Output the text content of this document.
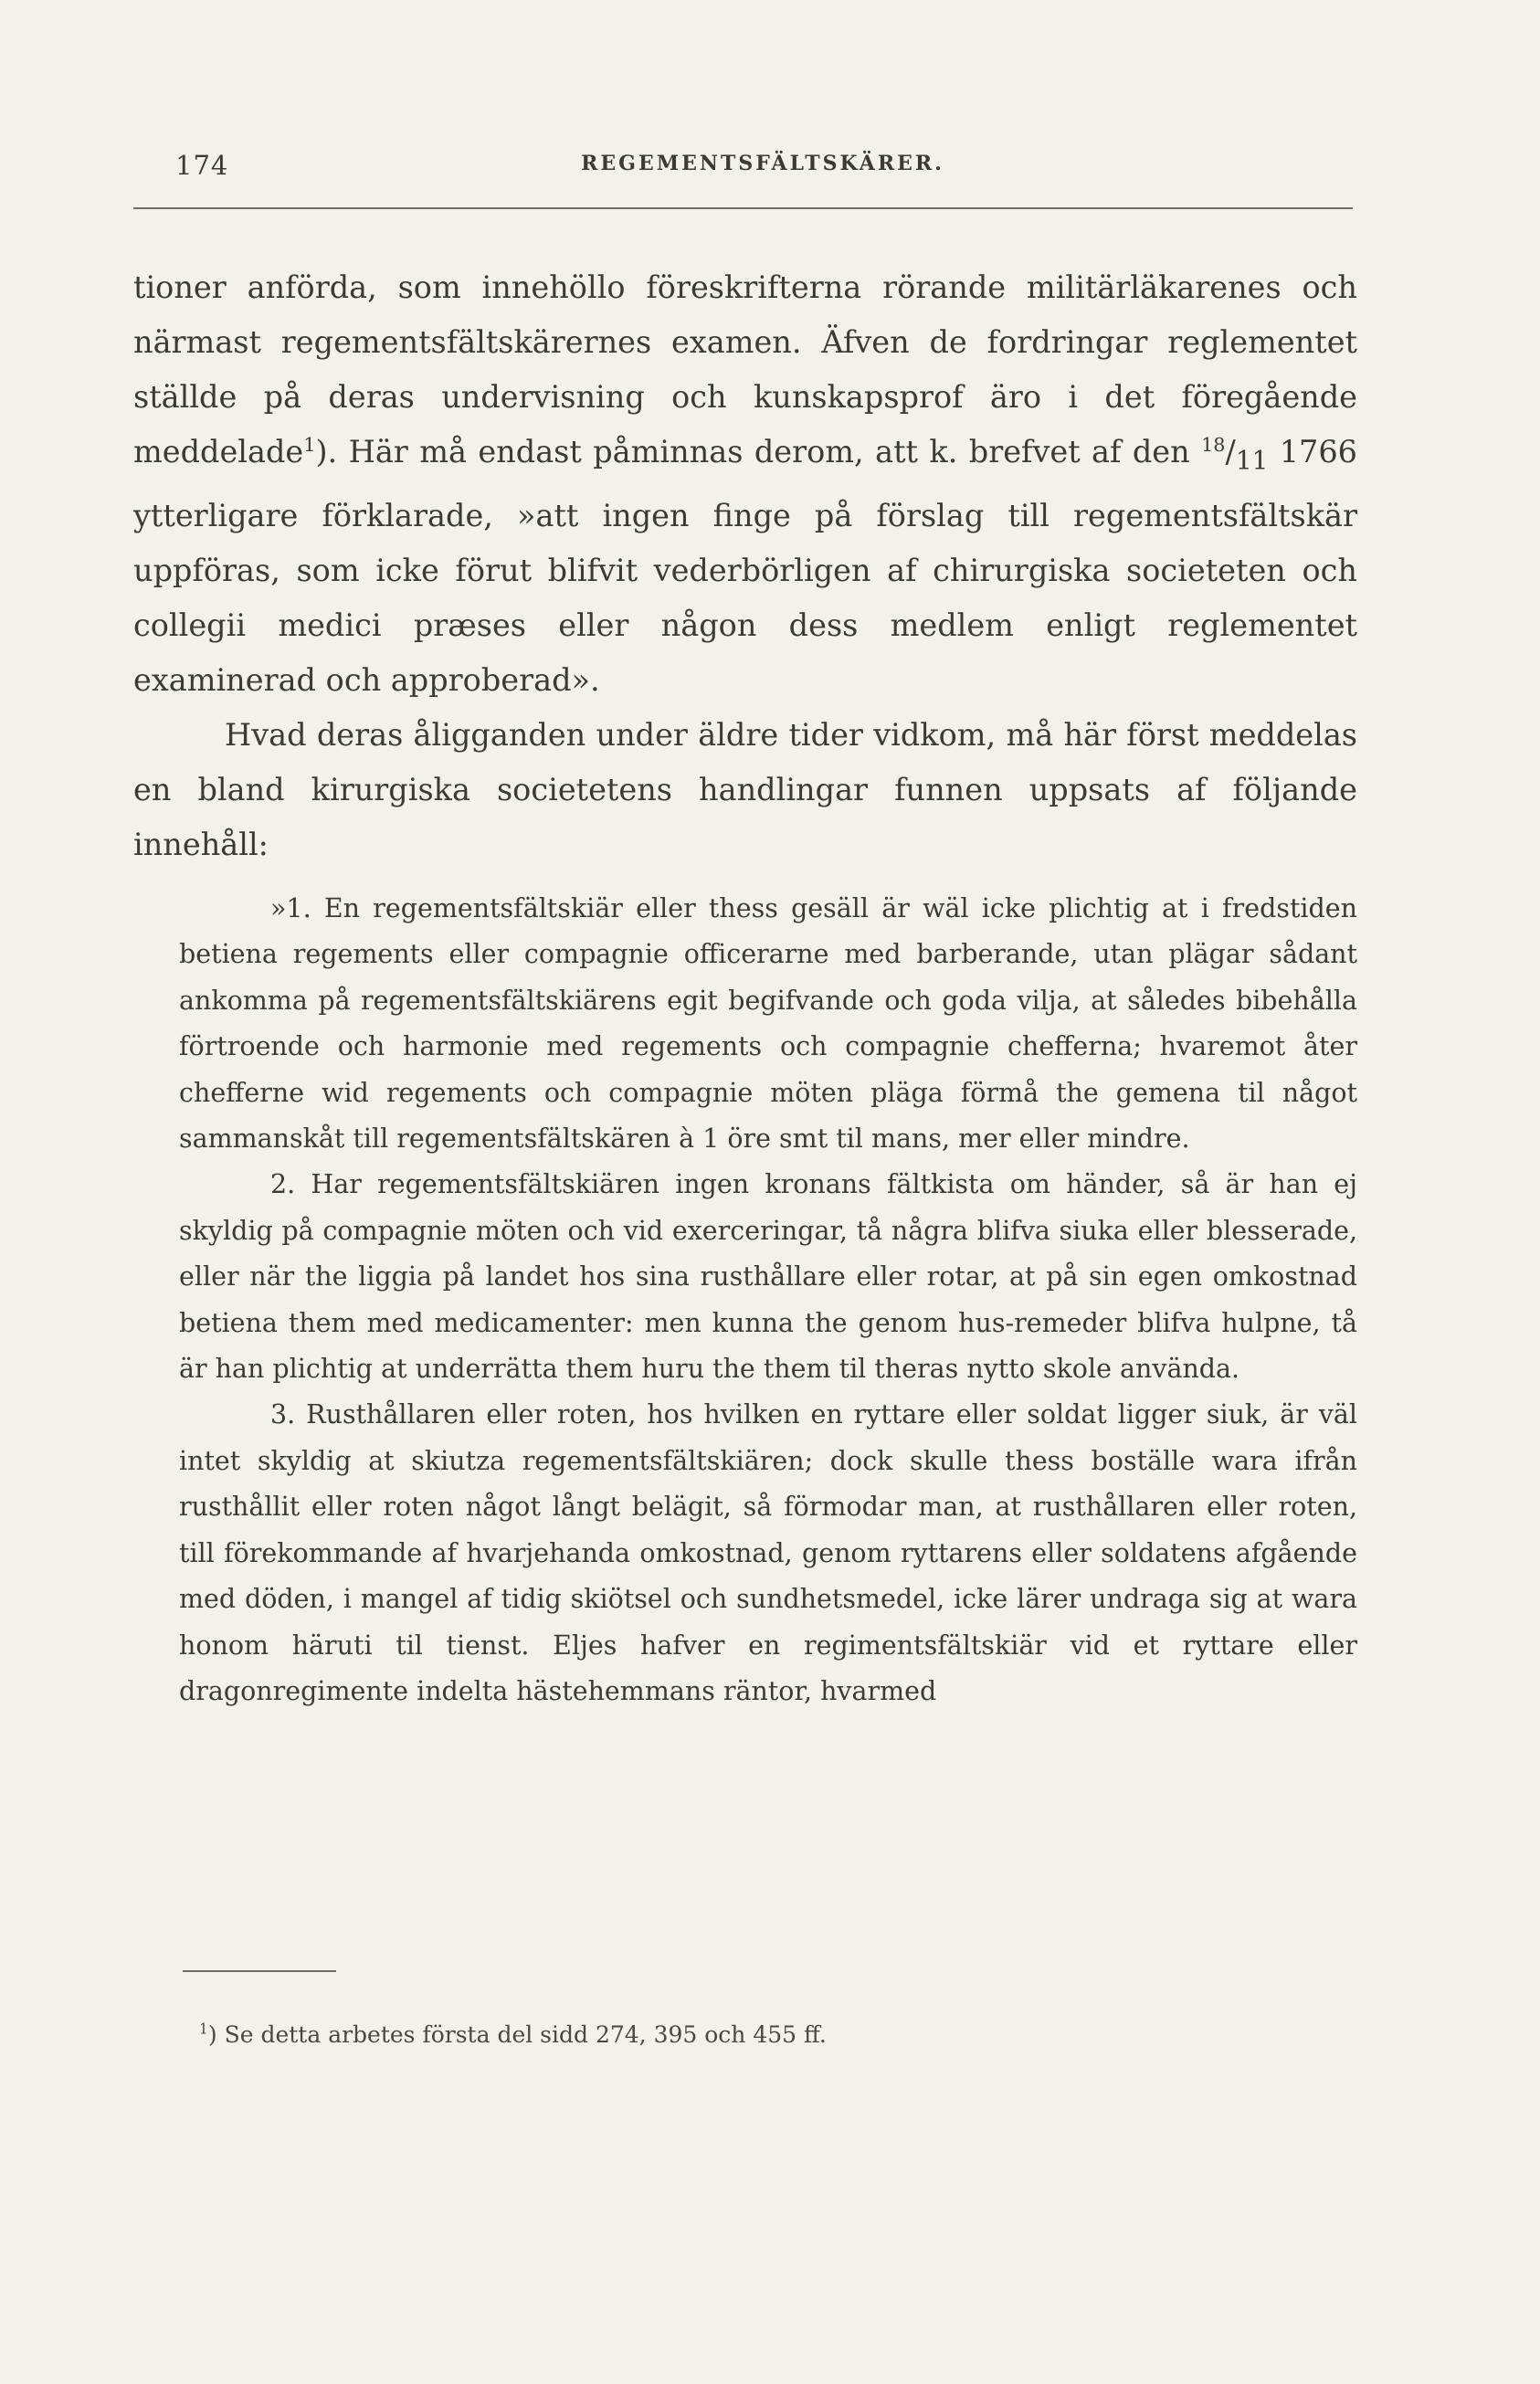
174	REGEMENTSFÄLTSKÄRER.

tioner anförda, som innehöllo föreskrifterna rörande militärläkarenes och närmast regementsfältskärernes examen. Äfven de fordringar reglementet ställde på deras undervisning och kunskapsprof äro i det föregående meddelade$^1$). Här må endast påminnas derom, att k. brefvet af den $^{18}/_{11}$ 1766 ytterligare förklarade, »att ingen finge på förslag till regementsfältskär uppföras, som icke förut blifvit vederbörligen af chirurgiska societeten och collegii medici præses eller någon dess medlem enligt reglementet examinerad och approberad».

Hvad deras åligganden under äldre tider vidkom, må här först meddelas en bland kirurgiska societetens handlingar funnen uppsats af följande innehåll:

»1. En regementsfältskiär eller thess gesäll är wäl icke plichtig at i fredstiden betiena regements eller compagnie officerarne med barberande, utan plägar sådant ankomma på regementsfältskiärens egit begifvande och goda vilja, at således bibehålla förtroende och harmonie med regements och compagnie chefferna; hvaremot åter chefferne wid regements och compagnie möten pläga förmå the gemena til något sammanskåt till regementsfältskären à 1 öre smt til mans, mer eller mindre.

2. Har regementsfältskiären ingen kronans fältkista om händer, så är han ej skyldig på compagnie möten och vid exerceringar, tå några blifva siuka eller blesserade, eller när the liggia på landet hos sina rusthållare eller rotar, at på sin egen omkostnad betiena them med medicamenter: men kunna the genom hus-remeder blifva hulpne, tå är han plichtig at underrätta them huru the them til theras nytto skole använda.

3. Rusthållaren eller roten, hos hvilken en ryttare eller soldat ligger siuk, är väl intet skyldig at skiutza regementsfältskiären; dock skulle thess boställe wara ifrån rusthållit eller roten något långt belägit, så förmodar man, at rusthållaren eller roten, till förekommande af hvarjehanda omkostnad, genom ryttarens eller soldatens afgående med döden, i mangel af tidig skiötsel och sundhetsmedel, icke lärer undraga sig at wara honom häruti til tienst. Eljes hafver en regimentsfältskiär vid et ryttare eller dragonregimente indelta hästehemmans räntor, hvarmed

$^1$) Se detta arbetes första del sidd 274, 395 och 455 ff.
